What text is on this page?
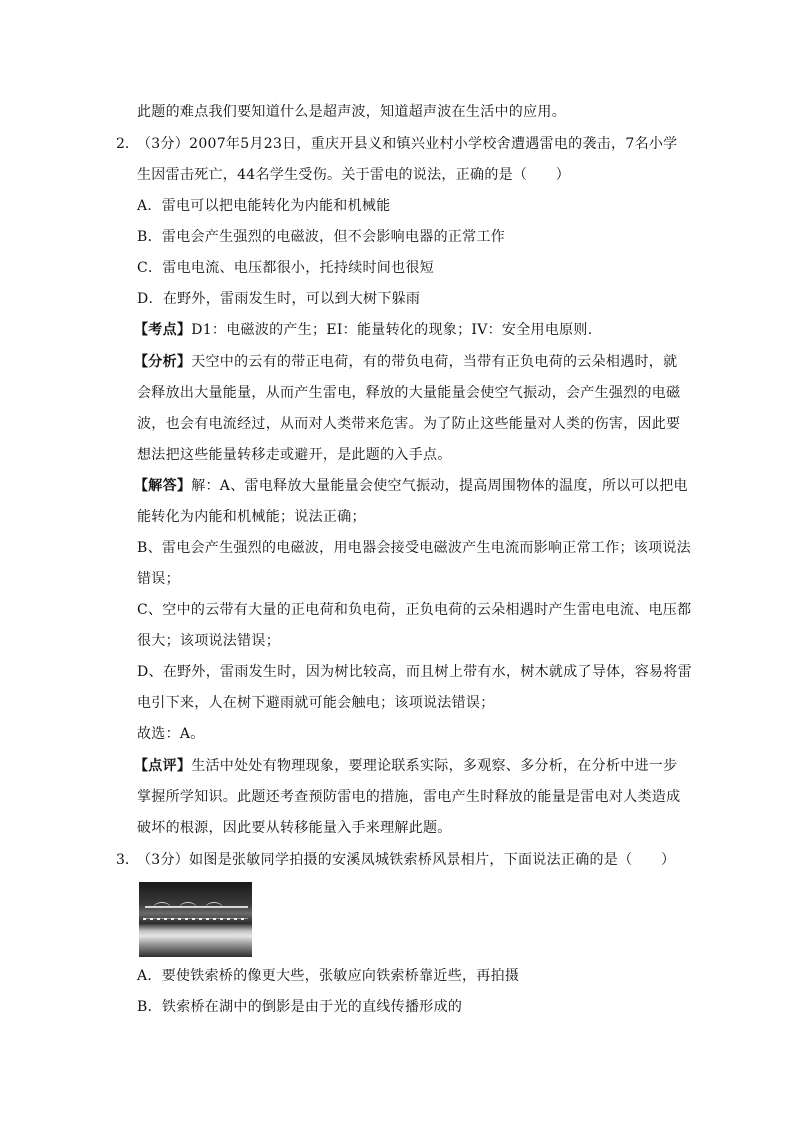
此题的难点我们要知道什么是超声波，知道超声波在生活中的应用。
2．
（3分）2007年5月23日，重庆开县义和镇兴业村小学校舍遭遇雷电的袭击，7名小学
生因雷击死亡，44名学生受伤。关于雷电的说法，正确的是（　　）
A．雷电可以把电能转化为内能和机械能
B．雷电会产生强烈的电磁波，但不会影响电器的正常工作
C．雷电电流、电压都很小，托持续时间也很短
D．在野外，雷雨发生时，可以到大树下躲雨
【考点】D1：电磁波的产生；EI：能量转化的现象；IV：安全用电原则.
【分析】天空中的云有的带正电荷，有的带负电荷，当带有正负电荷的云朵相遇时，就
会释放出大量能量，从而产生雷电，释放的大量能量会使空气振动，会产生强烈的电磁
波，也会有电流经过，从而对人类带来危害。为了防止这些能量对人类的伤害，因此要
想法把这些能量转移走或避开，是此题的入手点。
【解答】解：A、雷电释放大量能量会使空气振动，提高周围物体的温度，所以可以把电
能转化为内能和机械能；说法正确；
B、雷电会产生强烈的电磁波，用电器会接受电磁波产生电流而影响正常工作；该项说法
错误；
C、空中的云带有大量的正电荷和负电荷，正负电荷的云朵相遇时产生雷电电流、电压都
很大；该项说法错误；
D、在野外，雷雨发生时，因为树比较高，而且树上带有水，树木就成了导体，容易将雷
电引下来，人在树下避雨就可能会触电；该项说法错误；
故选：A。
【点评】生活中处处有物理现象，要理论联系实际，多观察、多分析，在分析中进一步
掌握所学知识。此题还考查预防雷电的措施，雷电产生时释放的能量是雷电对人类造成
破坏的根源，因此要从转移能量入手来理解此题。
3．
（3分）如图是张敏同学拍摄的安溪凤城铁索桥风景相片，下面说法正确的是（　　）
A．要使铁索桥的像更大些，张敏应向铁索桥靠近些，再拍摄
B．铁索桥在湖中的倒影是由于光的直线传播形成的
